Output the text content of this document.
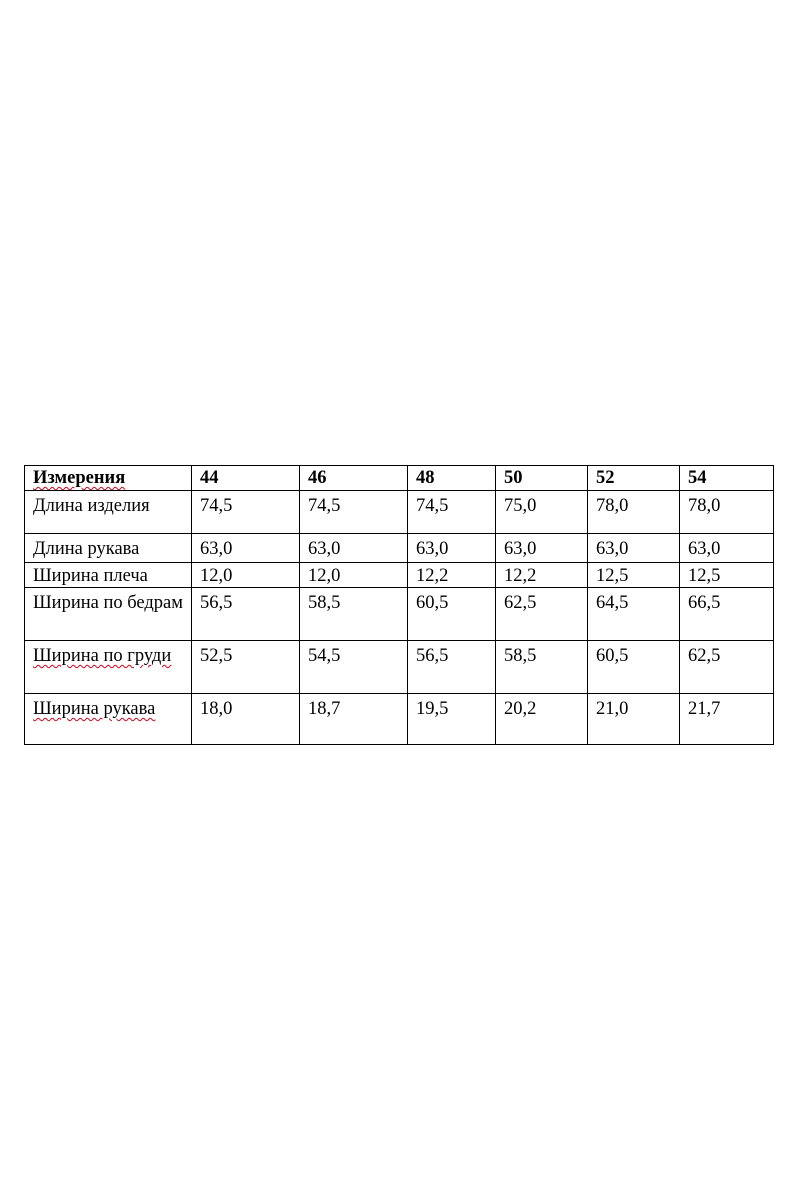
Измерения	44	46	48	50	52	54
Длина изделия	74,5	74,5	74,5	75,0	78,0	78,0
Длина рукава	63,0	63,0	63,0	63,0	63,0	63,0
Ширина плеча	12,0	12,0	12,2	12,2	12,5	12,5
Ширина по бедрам	56,5	58,5	60,5	62,5	64,5	66,5
Ширина по груди	52,5	54,5	56,5	58,5	60,5	62,5
Ширина рукава	18,0	18,7	19,5	20,2	21,0	21,7
